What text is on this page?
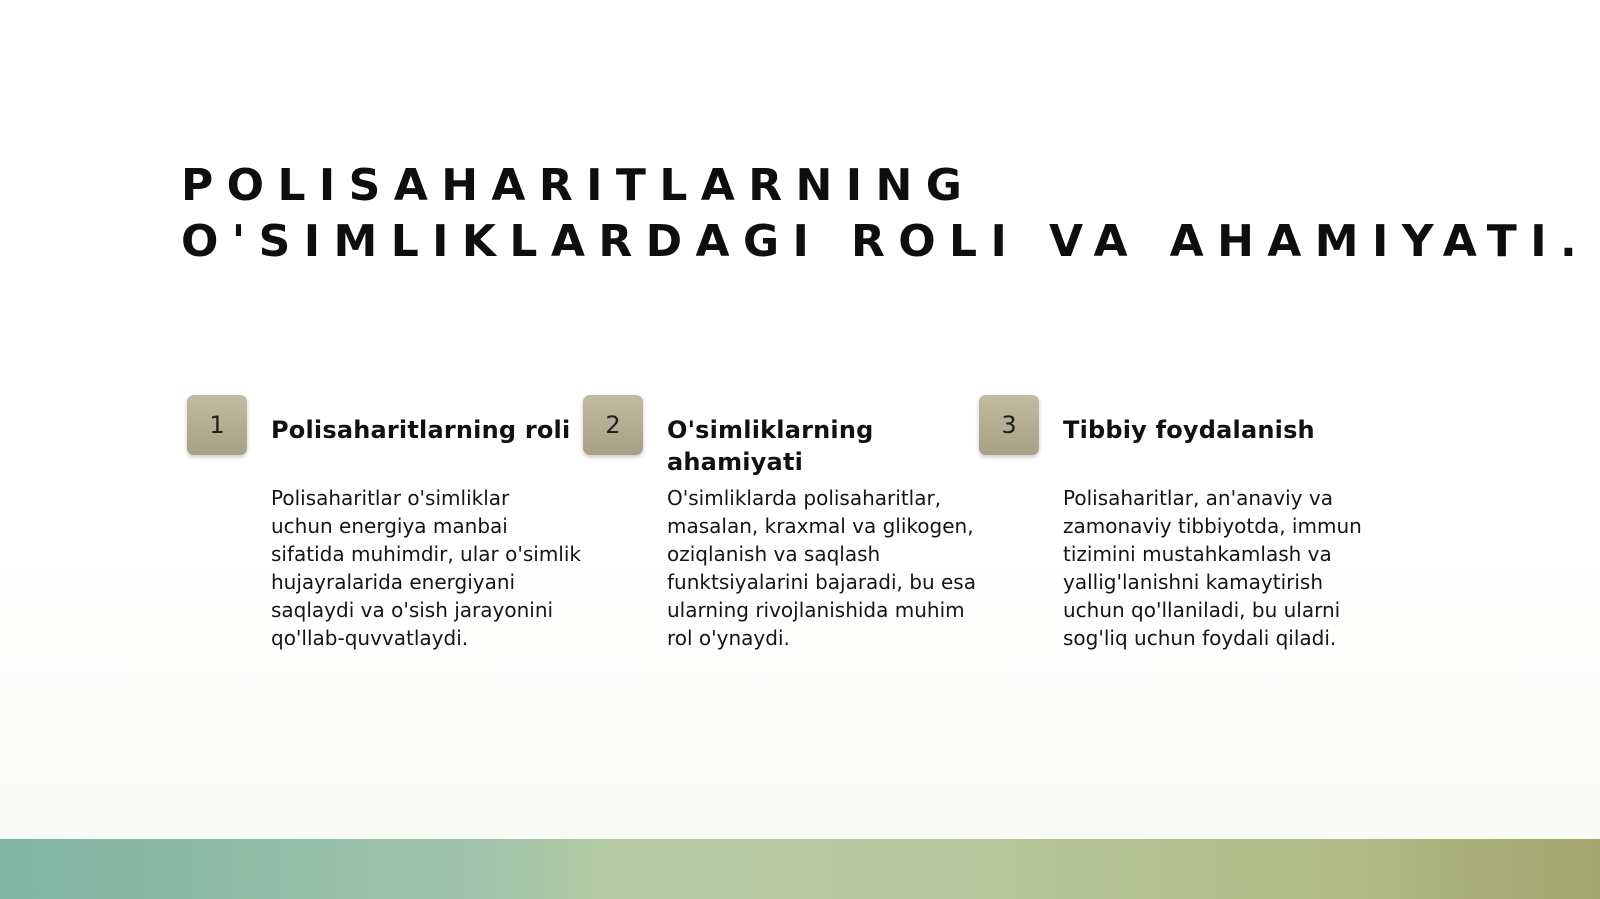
POLISAHARITLARNING
O'SIMLIKLARDAGI ROLI VA AHAMIYATI.
1	Polisaharitlarning roli

Polisaharitlar o'simliklar
uchun energiya manbai
sifatida muhimdir, ular o'simlik
hujayralarida energiyani
saqlaydi va o'sish jarayonini
qo'llab-quvvatlaydi.

2	O'simliklarning ahamiyati

O'simliklarda polisaharitlar,
masalan, kraxmal va glikogen,
oziqlanish va saqlash
funktsiyalarini bajaradi, bu esa
ularning rivojlanishida muhim
rol o'ynaydi.

3	Tibbiy foydalanish

Polisaharitlar, an'anaviy va
zamonaviy tibbiyotda, immun
tizimini mustahkamlash va
yallig'lanishni kamaytirish
uchun qo'llaniladi, bu ularni
sog'liq uchun foydali qiladi.
